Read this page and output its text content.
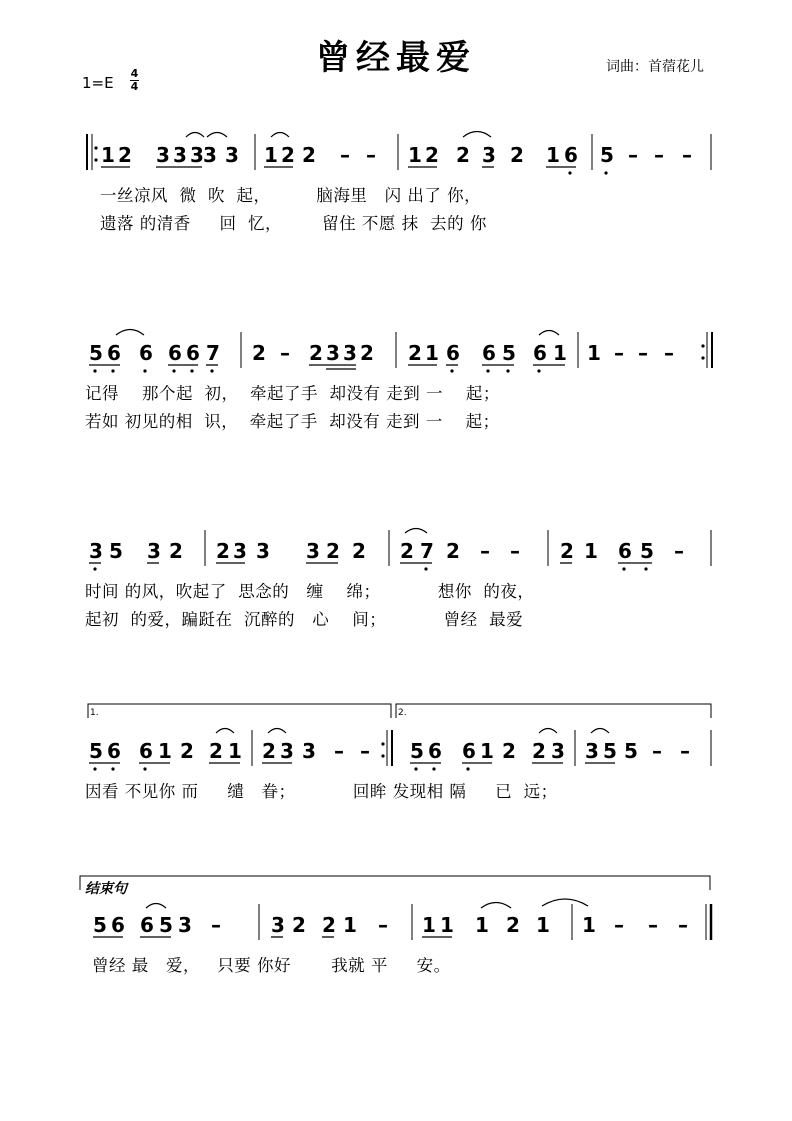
曾经最爱	词曲：首蓿花儿
1=E
4
4
1 2 3 3 3 3 3 1 2 2 – – 1 2 2 3 2 1 6 5 – – –
一丝凉风  微  吹  起，        脑海里   闪 出了 你，
遗落 的清香     回  忆，       留住 不愿 抹  去的 你
5 6 6 6 6 7 2 – 2 3 3 2 2 1 6 6 5 6 1 1 – – –
记得    那个起  初，  牵起了手  却没有 走到 一    起；
若如 初见的相  识，  牵起了手  却没有 走到 一    起；
3 5 3 2 2 3 3 3 2 2 2 7 2 – – 2 1 6 5 –
时间 的风，吹起了  思念的   缠    绵；          想你  的夜，
起初  的爱，蹁跹在  沉醉的   心    间；          曾经  最爱
1.	2.
5 6 6 1 2 2 1 2 3 3 – – 5 6 6 1 2 2 3 3 5 5 – –
因看 不见你 而     缱   眷；          回眸 发现相 隔     已  远；
5 6 6 5 3 –	3 2 2 1 – 1 1 1 2 1 1 – – –
结束句
曾经 最   爱，   只要 你好       我就 平     安。
